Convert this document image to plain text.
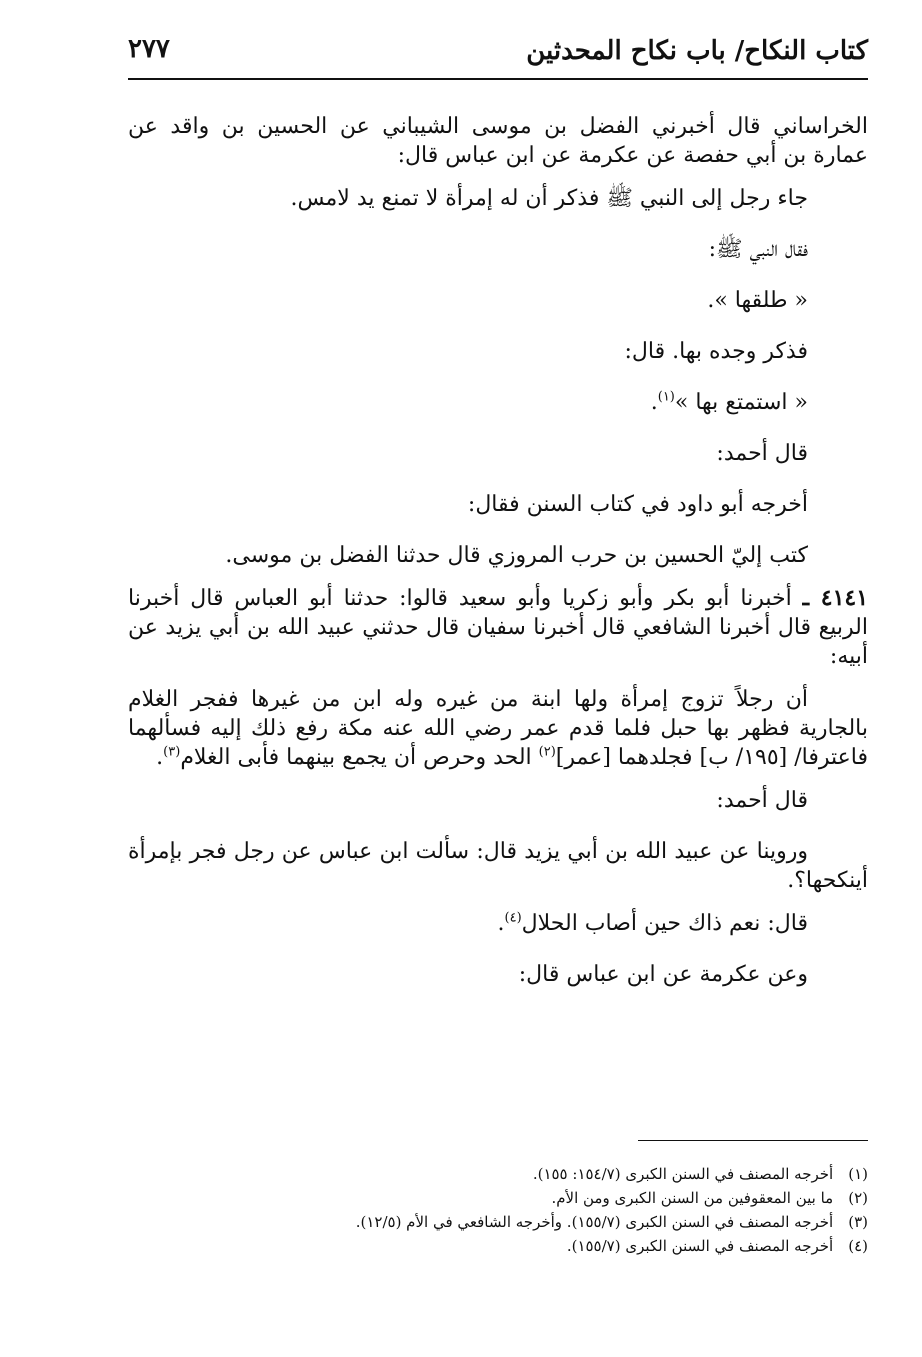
كتاب النكاح/ باب نكاح المحدثين
٢٧٧

الخراساني قال أخبرني الفضل بن موسى الشيباني عن الحسين بن واقد عن عمارة بن أبي حفصة عن عكرمة عن ابن عباس قال:

جاء رجل إلى النبي ﷺ فذكر أن له إمرأة لا تمنع يد لامس.

فقال النبي ﷺ:

« طلقها ».

فذكر وجده بها. قال:

« استمتع بها »$^{(١)}$.

قال أحمد:

أخرجه أبو داود في كتاب السنن فقال:

كتب إليّ الحسين بن حرب المروزي قال حدثنا الفضل بن موسى.

٤١٤١ ـ أخبرنا أبو بكر وأبو زكريا وأبو سعيد قالوا: حدثنا أبو العباس قال أخبرنا الربيع قال أخبرنا الشافعي قال أخبرنا سفيان قال حدثني عبيد الله بن أبي يزيد عن أبيه:

أن رجلاً تزوج إمرأة ولها ابنة من غيره وله ابن من غيرها ففجر الغلام بالجارية فظهر بها حبل فلما قدم عمر رضي الله عنه مكة رفع ذلك إليه فسألهما فاعترفا/ [١٩٥/ ب] فجلدهما [عمر]$^{(٢)}$ الحد وحرص أن يجمع بينهما فأبى الغلام$^{(٣)}$.

قال أحمد:

وروينا عن عبيد الله بن أبي يزيد قال: سألت ابن عباس عن رجل فجر بإمرأة أينكحها؟.

قال: نعم ذاك حين أصاب الحلال$^{(٤)}$.

وعن عكرمة عن ابن عباس قال:

(١) أخرجه المصنف في السنن الكبرى (١٥٤/٧: ١٥٥).

(٢) ما بين المعقوفين من السنن الكبرى ومن الأم.

(٣) أخرجه المصنف في السنن الكبرى (١٥٥/٧). وأخرجه الشافعي في الأم (١٢/٥).

(٤) أخرجه المصنف في السنن الكبرى (١٥٥/٧).
